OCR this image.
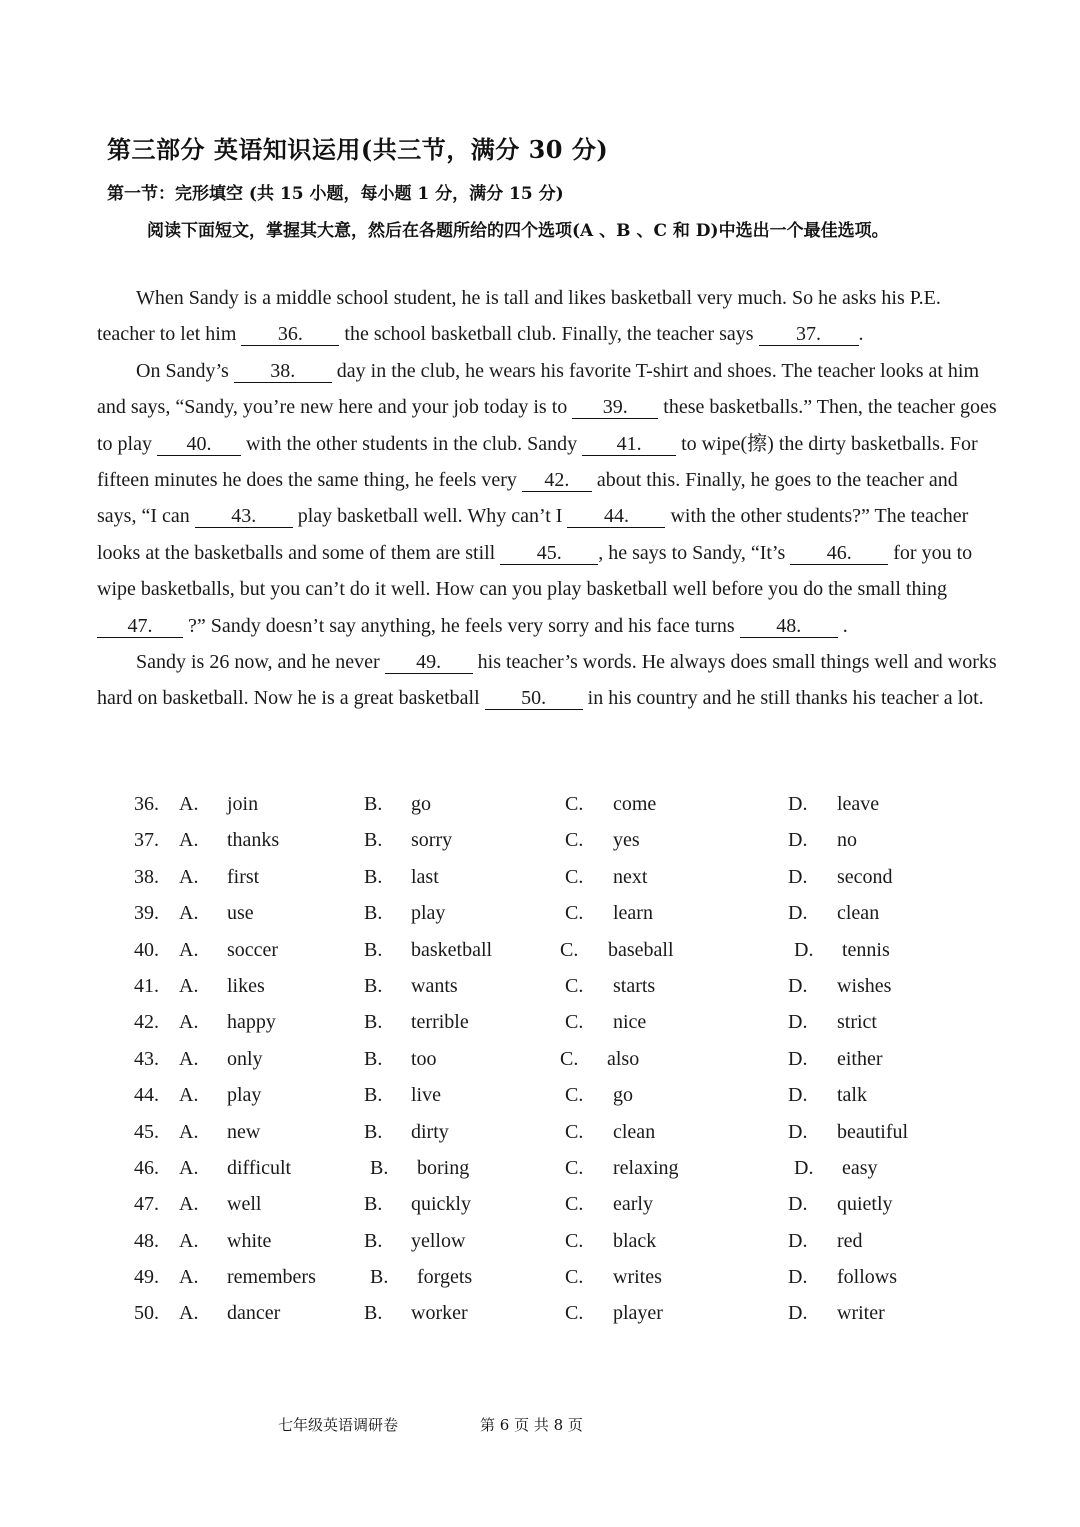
第三部分 英语知识运用(共三节，满分 30 分)
第一节：完形填空 (共 15 小题，每小题 1 分，满分 15 分)
阅读下面短文，掌握其大意，然后在各题所给的四个选项(A 、B 、C 和 D)中选出一个最佳选项。

When Sandy is a middle school student, he is tall and likes basketball very much. So he asks his P.E. teacher to let him 36. the school basketball club. Finally, the teacher says 37. .

On Sandy’s 38. day in the club, he wears his favorite T-shirt and shoes. The teacher looks at him and says, “Sandy, you’re new here and your job today is to 39. these basketballs.” Then, the teacher goes to play 40. with the other students in the club. Sandy 41. to wipe(擦) the dirty basketballs. For fifteen minutes he does the same thing, he feels very 42. about this. Finally, he goes to the teacher and says, “I can 43. play basketball well. Why can’t I 44. with the other students?” The teacher looks at the basketballs and some of them are still 45. , he says to Sandy, “It’s 46. for you to wipe basketballs, but you can’t do it well. How can you play basketball well before you do the small thing 47. ?” Sandy doesn’t say anything, he feels very sorry and his face turns 48. .

Sandy is 26 now, and he never 49. his teacher’s words. He always does small things well and works hard on basketball. Now he is a great basketball 50. in his country and he still thanks his teacher a lot.

36. A. join	B. go	C. come	D. leave
37. A. thanks	B. sorry	C. yes	D. no
38. A. first	B. last	C. next	D. second
39. A. use	B. play	C. learn	D. clean
40. A. soccer	B. basketball	C. baseball	D. tennis
41. A. likes	B. wants	C. starts	D. wishes
42. A. happy	B. terrible	C. nice	D. strict
43. A. only	B. too	C. also	D. either
44. A. play	B. live	C. go	D. talk
45. A. new	B. dirty	C. clean	D. beautiful
46. A. difficult	B. boring	C. relaxing	D. easy
47. A. well	B. quickly	C. early	D. quietly
48. A. white	B. yellow	C. black	D. red
49. A. remembers	B. forgets	C. writes	D. follows
50. A. dancer	B. worker	C. player	D. writer
七年级英语调研卷	第 6 页 共 8 页
